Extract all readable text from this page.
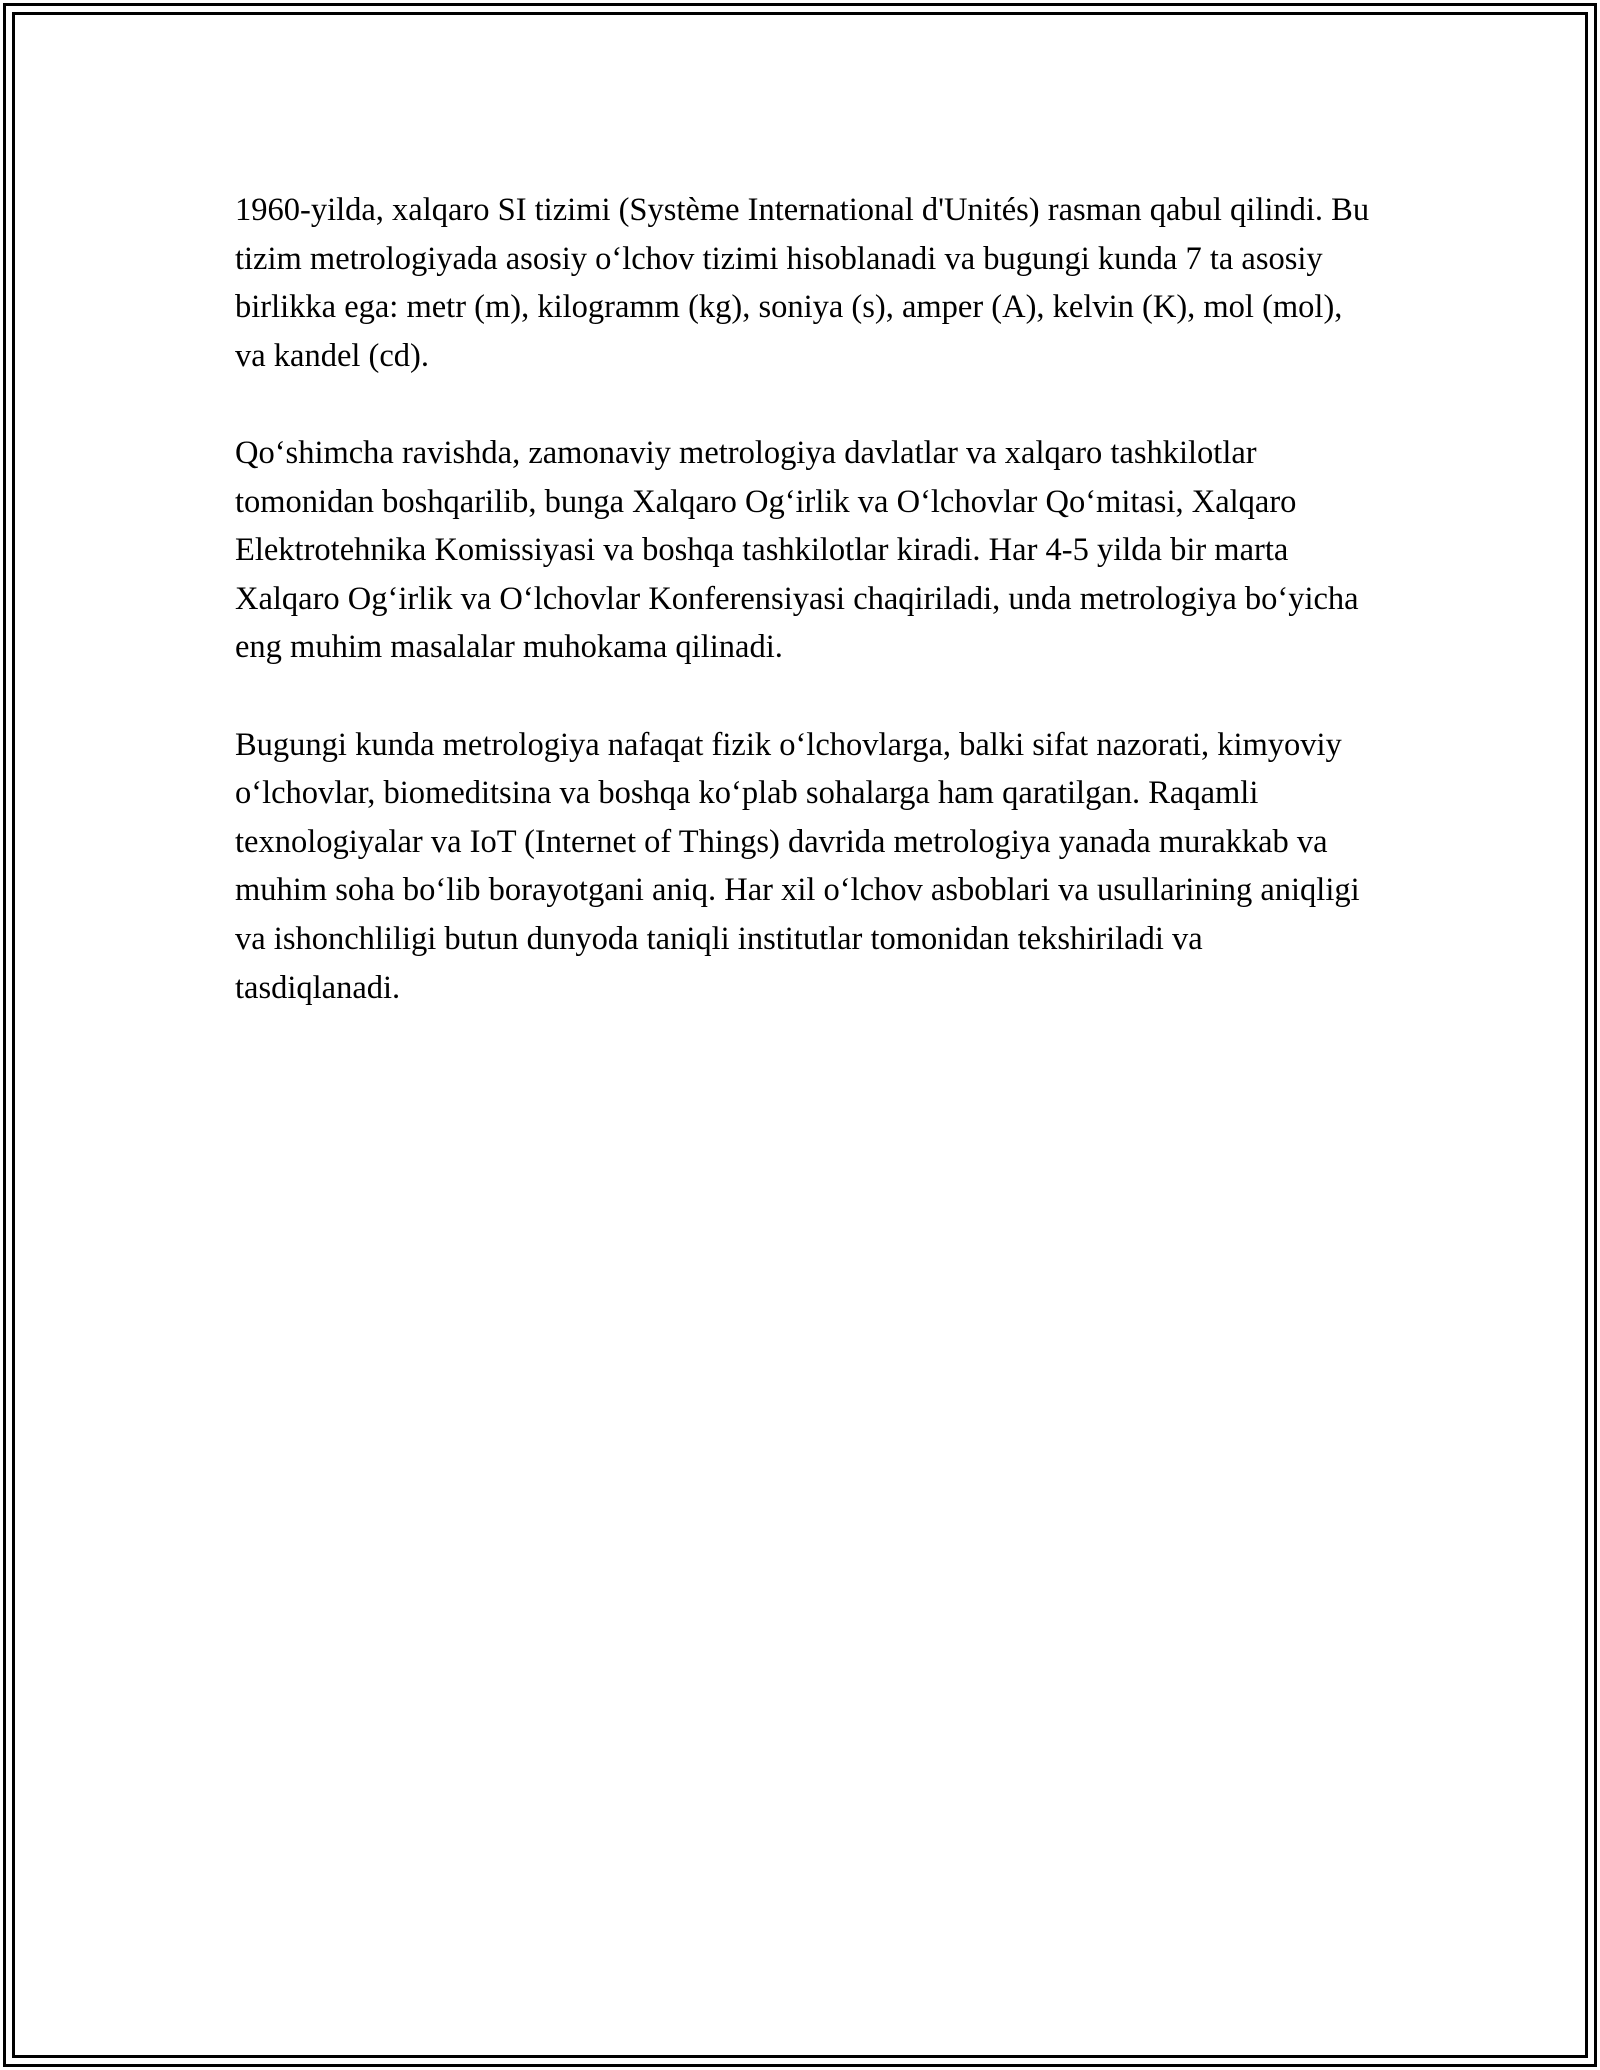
1960-yilda, xalqaro SI tizimi (Système International d'Unités) rasman qabul qilindi. Bu tizim metrologiyada asosiy oʻlchov tizimi hisoblanadi va bugungi kunda 7 ta asosiy birlikka ega: metr (m), kilogramm (kg), soniya (s), amper (A), kelvin (K), mol (mol), va kandel (cd).

Qoʻshimcha ravishda, zamonaviy metrologiya davlatlar va xalqaro tashkilotlar tomonidan boshqarilib, bunga Xalqaro Ogʻirlik va Oʻlchovlar Qoʻmitasi, Xalqaro Elektrotehnika Komissiyasi va boshqa tashkilotlar kiradi. Har 4-5 yilda bir marta Xalqaro Ogʻirlik va Oʻlchovlar Konferensiyasi chaqiriladi, unda metrologiya boʻyicha eng muhim masalalar muhokama qilinadi.

Bugungi kunda metrologiya nafaqat fizik oʻlchovlarga, balki sifat nazorati, kimyoviy oʻlchovlar, biomeditsina va boshqa koʻplab sohalarga ham qaratilgan. Raqamli texnologiyalar va IoT (Internet of Things) davrida metrologiya yanada murakkab va muhim soha boʻlib borayotgani aniq. Har xil oʻlchov asboblari va usullarining aniqligi va ishonchliligi butun dunyoda taniqli institutlar tomonidan tekshiriladi va tasdiqlanadi.
